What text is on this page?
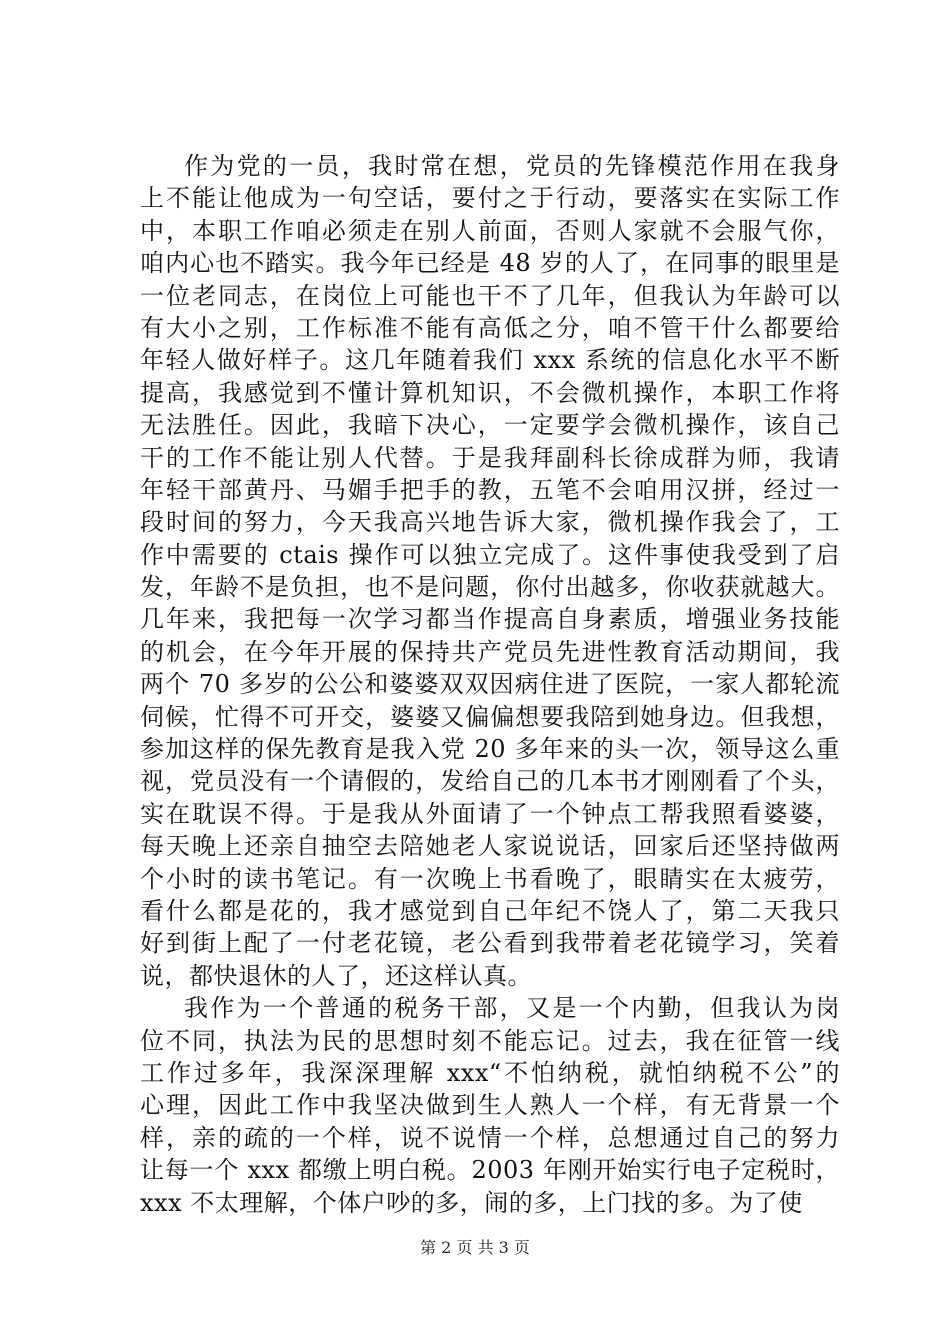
作为党的一员，我时常在想，党员的先锋模范作用在我身
上不能让他成为一句空话，要付之于行动，要落实在实际工作
中，本职工作咱必须走在别人前面，否则人家就不会服气你，
咱内心也不踏实。我今年已经是 48 岁的人了，在同事的眼里是
一位老同志，在岗位上可能也干不了几年，但我认为年龄可以
有大小之别，工作标准不能有高低之分，咱不管干什么都要给
年轻人做好样子。这几年随着我们 xxx 系统的信息化水平不断
提高，我感觉到不懂计算机知识，不会微机操作，本职工作将
无法胜任。因此，我暗下决心，一定要学会微机操作，该自己
干的工作不能让别人代替。于是我拜副科长徐成群为师，我请
年轻干部黄丹、马媚手把手的教，五笔不会咱用汉拼，经过一
段时间的努力，今天我高兴地告诉大家，微机操作我会了，工
作中需要的 ctais 操作可以独立完成了。这件事使我受到了启
发，年龄不是负担，也不是问题，你付出越多，你收获就越大。
几年来，我把每一次学习都当作提高自身素质，增强业务技能
的机会，在今年开展的保持共产党员先进性教育活动期间，我
两个 70 多岁的公公和婆婆双双因病住进了医院，一家人都轮流
伺候，忙得不可开交，婆婆又偏偏想要我陪到她身边。但我想，
参加这样的保先教育是我入党 20 多年来的头一次，领导这么重
视，党员没有一个请假的，发给自己的几本书才刚刚看了个头，
实在耽误不得。于是我从外面请了一个钟点工帮我照看婆婆，
每天晚上还亲自抽空去陪她老人家说说话，回家后还坚持做两
个小时的读书笔记。有一次晚上书看晚了，眼睛实在太疲劳，
看什么都是花的，我才感觉到自己年纪不饶人了，第二天我只
好到街上配了一付老花镜，老公看到我带着老花镜学习，笑着
说，都快退休的人了，还这样认真。
我作为一个普通的税务干部，又是一个内勤，但我认为岗
位不同，执法为民的思想时刻不能忘记。过去，我在征管一线
工作过多年，我深深理解 xxx“不怕纳税，就怕纳税不公”的
心理，因此工作中我坚决做到生人熟人一个样，有无背景一个
样，亲的疏的一个样，说不说情一个样，总想通过自己的努力
让每一个 xxx 都缴上明白税。2003 年刚开始实行电子定税时，
xxx 不太理解，个体户吵的多，闹的多，上门找的多。为了使
第 2 页 共 3 页
